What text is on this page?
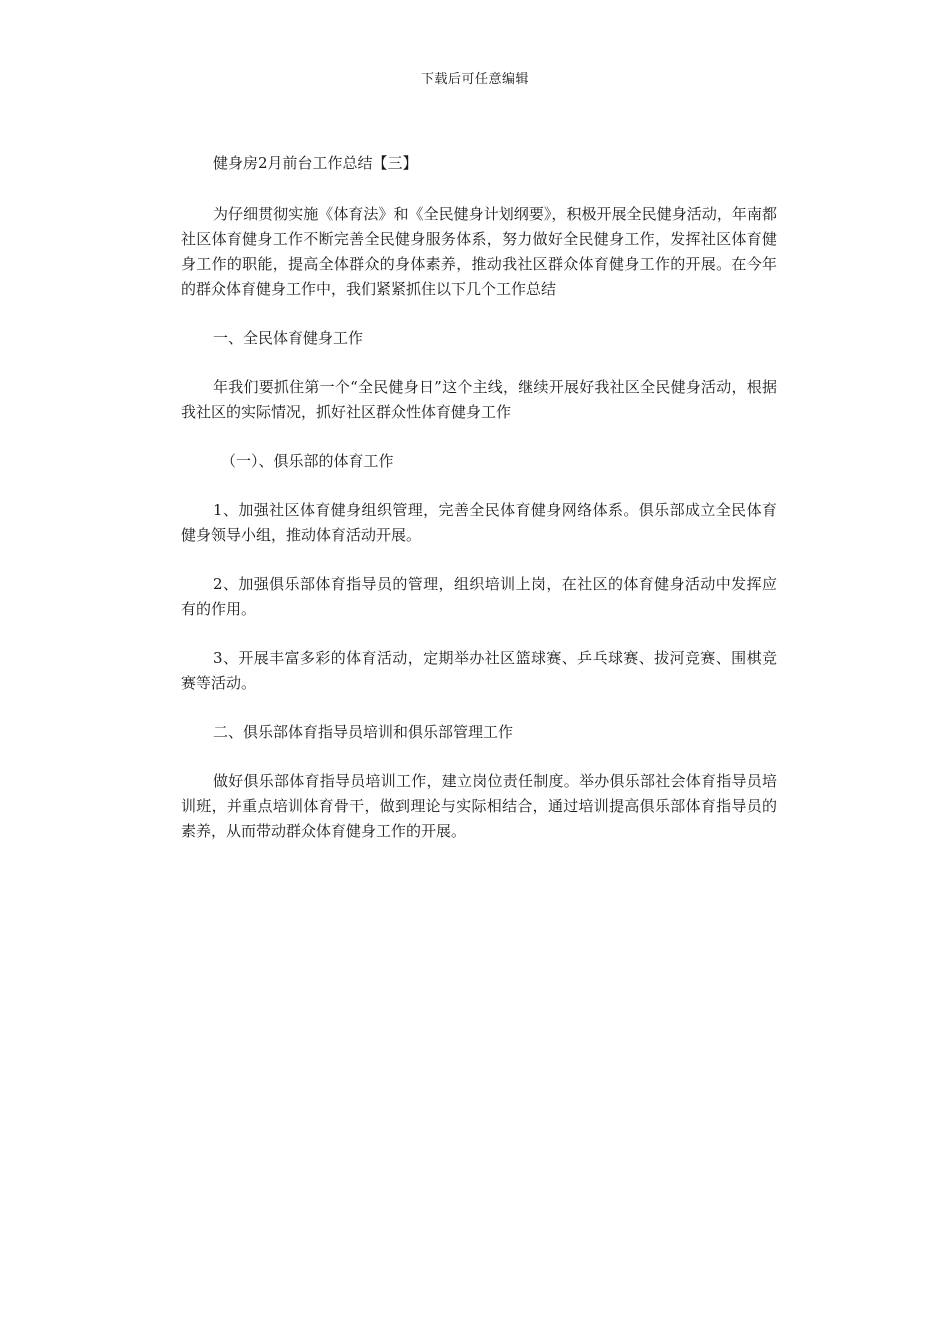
下载后可任意编辑

健身房2月前台工作总结【三】

为仔细贯彻实施《体育法》和《全民健身计划纲要》，积极开展全民健身活动，年南都社区体育健身工作不断完善全民健身服务体系，努力做好全民健身工作，发挥社区体育健身工作的职能，提高全体群众的身体素养，推动我社区群众体育健身工作的开展。在今年的群众体育健身工作中，我们紧紧抓住以下几个工作总结

一、全民体育健身工作

年我们要抓住第一个“全民健身日”这个主线，继续开展好我社区全民健身活动，根据我社区的实际情况，抓好社区群众性体育健身工作

（一）、俱乐部的体育工作

1、加强社区体育健身组织管理，完善全民体育健身网络体系。俱乐部成立全民体育健身领导小组，推动体育活动开展。

2、加强俱乐部体育指导员的管理，组织培训上岗，在社区的体育健身活动中发挥应有的作用。

3、开展丰富多彩的体育活动，定期举办社区篮球赛、乒乓球赛、拔河竞赛、围棋竞赛等活动。

二、俱乐部体育指导员培训和俱乐部管理工作

做好俱乐部体育指导员培训工作，建立岗位责任制度。举办俱乐部社会体育指导员培训班，并重点培训体育骨干，做到理论与实际相结合，通过培训提高俱乐部体育指导员的素养，从而带动群众体育健身工作的开展。
